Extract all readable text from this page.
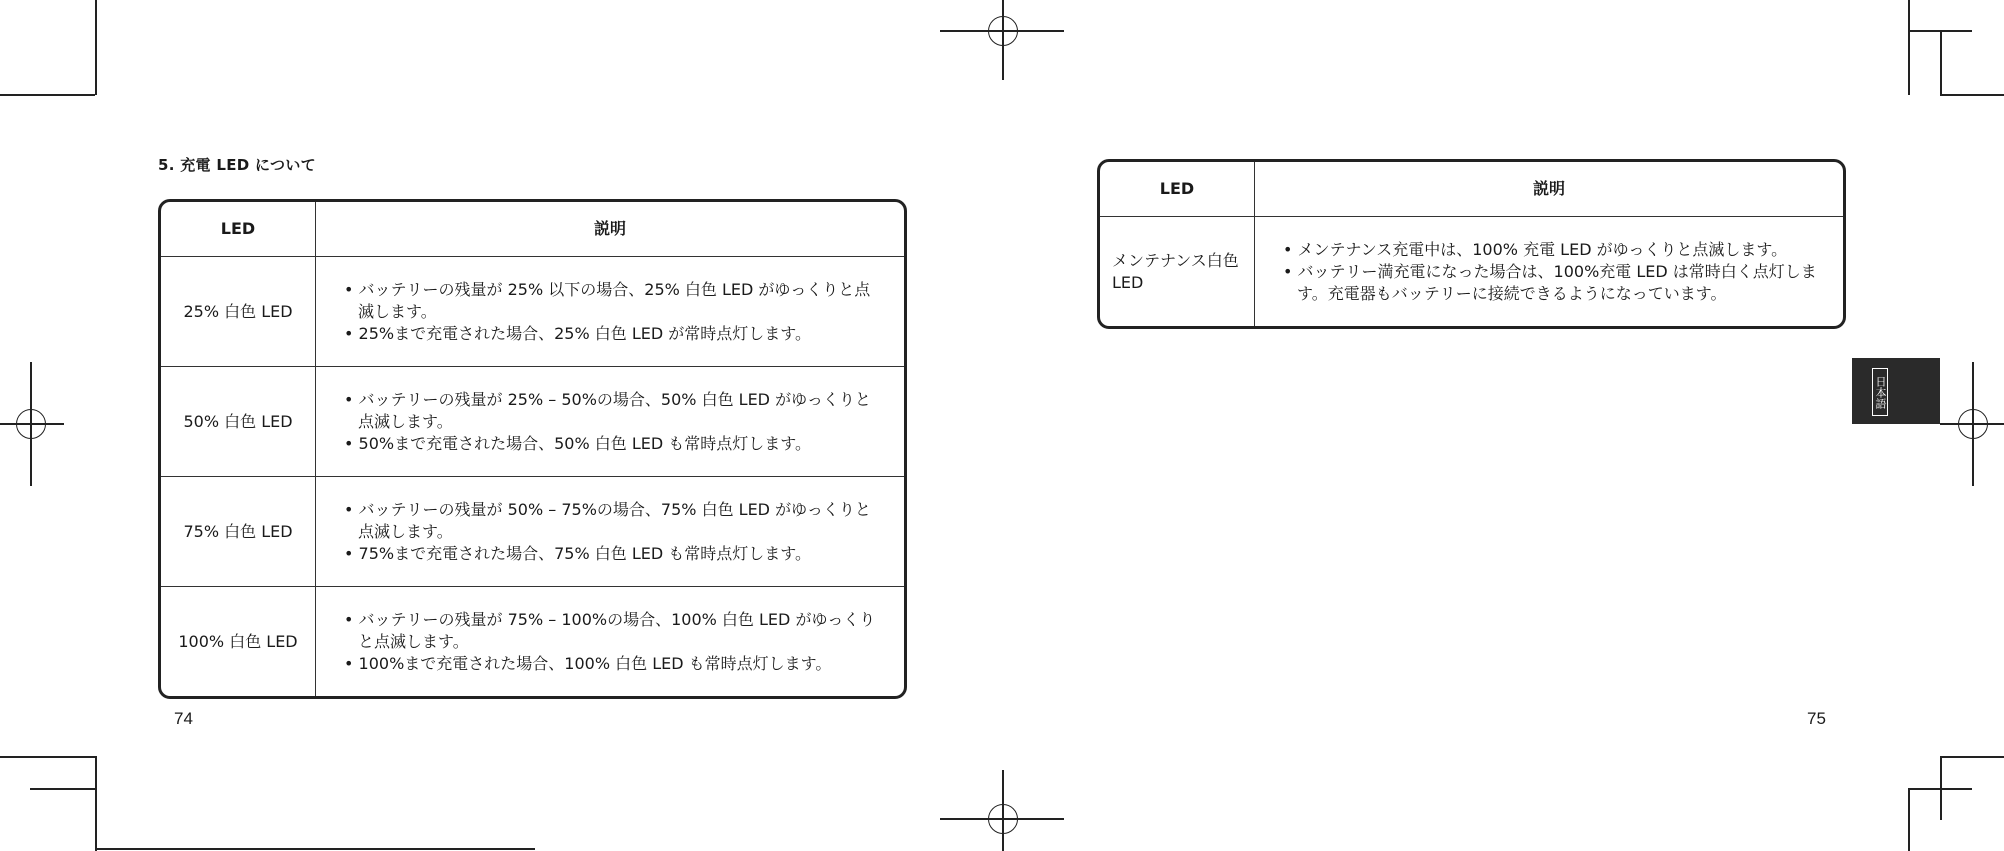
5. 充電 LED について
LED	説明
25% 白色 LED	• バッテリーの残量が 25% 以下の場合、25% 白色 LED がゆっくりと点滅します。
• 25%まで充電された場合、25% 白色 LED が常時点灯します。

50% 白色 LED	• バッテリーの残量が 25% – 50%の場合、50% 白色 LED がゆっくりと点滅します。
• 50%まで充電された場合、50% 白色 LED も常時点灯します。

75% 白色 LED	• バッテリーの残量が 50% – 75%の場合、75% 白色 LED がゆっくりと点滅します。
• 75%まで充電された場合、75% 白色 LED も常時点灯します。

100% 白色 LED	• バッテリーの残量が 75% – 100%の場合、100% 白色 LED がゆっくりと点滅します。
• 100%まで充電された場合、100% 白色 LED も常時点灯します。
LED	説明
メンテナンス白色 LED	• メンテナンス充電中は、100% 充電 LED がゆっくりと点滅します。
• バッテリー満充電になった場合は、100%充電 LED は常時白く点灯します。充電器もバッテリーに接続できるようになっています。
74	75
日本語
